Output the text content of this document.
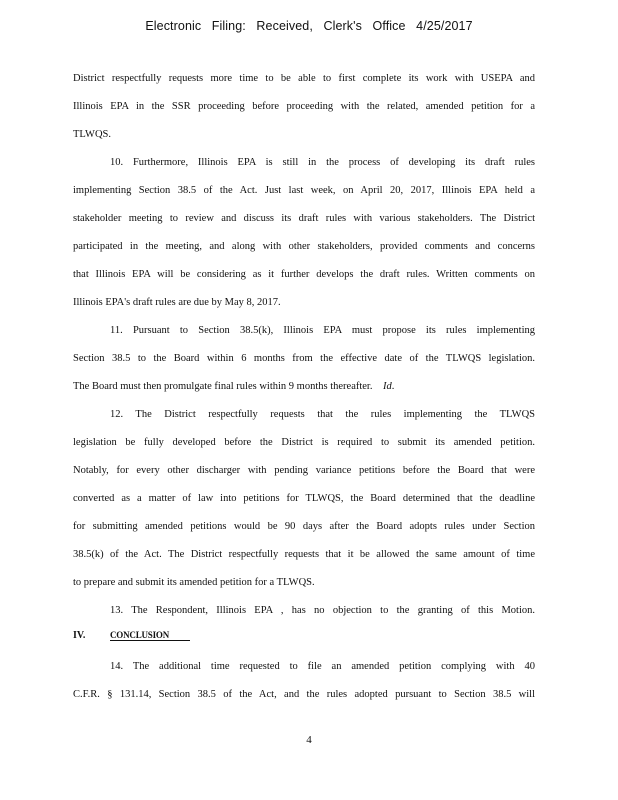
Electronic Filing: Received, Clerk's Office 4/25/2017
District respectfully requests more time to be able to first complete its work with USEPA and
Illinois EPA in the SSR proceeding before proceeding with the related, amended petition for a
TLWQS.
10. Furthermore, Illinois EPA is still in the process of developing its draft rules
implementing Section 38.5 of the Act. Just last week, on April 20, 2017, Illinois EPA held a
stakeholder meeting to review and discuss its draft rules with various stakeholders. The District
participated in the meeting, and along with other stakeholders, provided comments and concerns
that Illinois EPA will be considering as it further develops the draft rules. Written comments on
Illinois EPA's draft rules are due by May 8, 2017.
11. Pursuant to Section 38.5(k), Illinois EPA must propose its rules implementing
Section 38.5 to the Board within 6 months from the effective date of the TLWQS legislation.
The Board must then promulgate final rules within 9 months thereafter. Id.
12. The District respectfully requests that the rules implementing the TLWQS
legislation be fully developed before the District is required to submit its amended petition.
Notably, for every other discharger with pending variance petitions before the Board that were
converted as a matter of law into petitions for TLWQS, the Board determined that the deadline
for submitting amended petitions would be 90 days after the Board adopts rules under Section
38.5(k) of the Act. The District respectfully requests that it be allowed the same amount of time
to prepare and submit its amended petition for a TLWQS.
13. The Respondent, Illinois EPA , has no objection to the granting of this Motion.
IV.	CONCLUSION
14. The additional time requested to file an amended petition complying with 40
C.F.R. § 131.14, Section 38.5 of the Act, and the rules adopted pursuant to Section 38.5 will
4
